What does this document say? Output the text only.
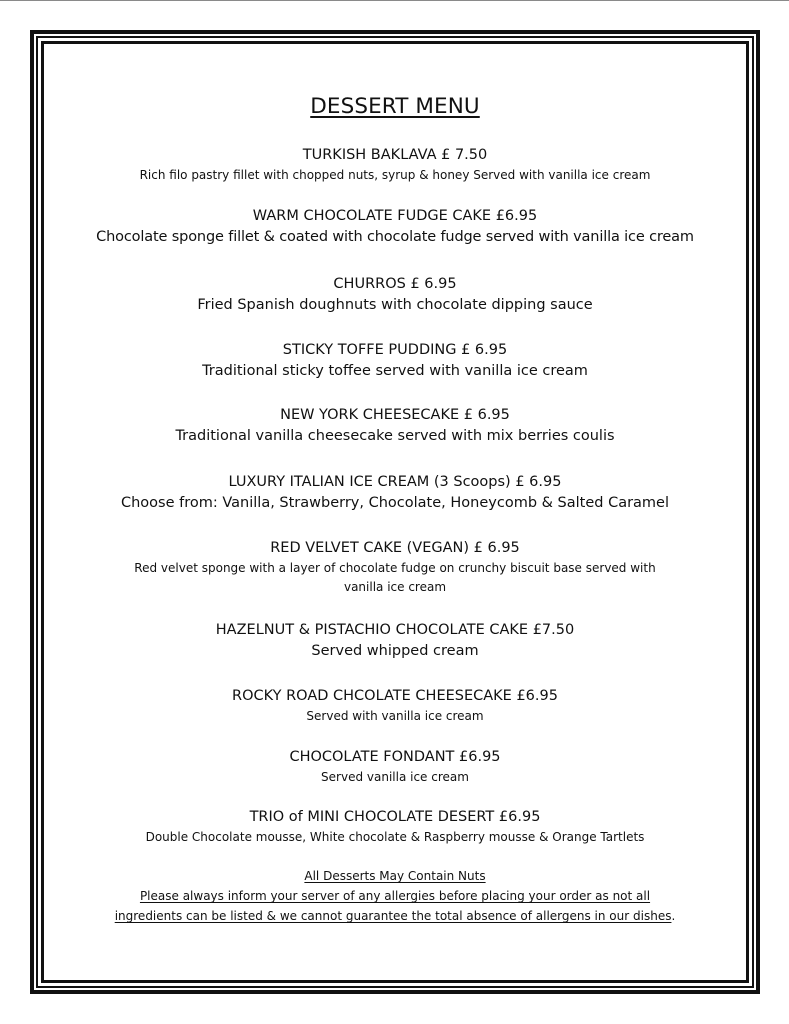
DESSERT MENU
TURKISH BAKLAVA £ 7.50
Rich filo pastry fillet with chopped nuts, syrup & honey Served with vanilla ice cream
WARM CHOCOLATE FUDGE CAKE £6.95
Chocolate sponge fillet & coated with chocolate fudge served with vanilla ice cream
CHURROS £ 6.95
Fried Spanish doughnuts with chocolate dipping sauce
STICKY TOFFE PUDDING £ 6.95
Traditional sticky toffee served with vanilla ice cream
NEW YORK CHEESECAKE £ 6.95
Traditional vanilla cheesecake served with mix berries coulis
LUXURY ITALIAN ICE CREAM (3 Scoops) £ 6.95
Choose from: Vanilla, Strawberry, Chocolate, Honeycomb & Salted Caramel
RED VELVET CAKE (VEGAN) £ 6.95
Red velvet sponge with a layer of chocolate fudge on crunchy biscuit base served with vanilla ice cream
HAZELNUT & PISTACHIO CHOCOLATE CAKE £7.50
Served whipped cream
ROCKY ROAD CHCOLATE CHEESECAKE £6.95
Served with vanilla ice cream
CHOCOLATE FONDANT £6.95
Served vanilla ice cream
TRIO of MINI CHOCOLATE DESERT £6.95
Double Chocolate mousse, White chocolate & Raspberry mousse & Orange Tartlets
All Desserts May Contain Nuts
Please always inform your server of any allergies before placing your order as not all
ingredients can be listed & we cannot guarantee the total absence of allergens in our dishes.
